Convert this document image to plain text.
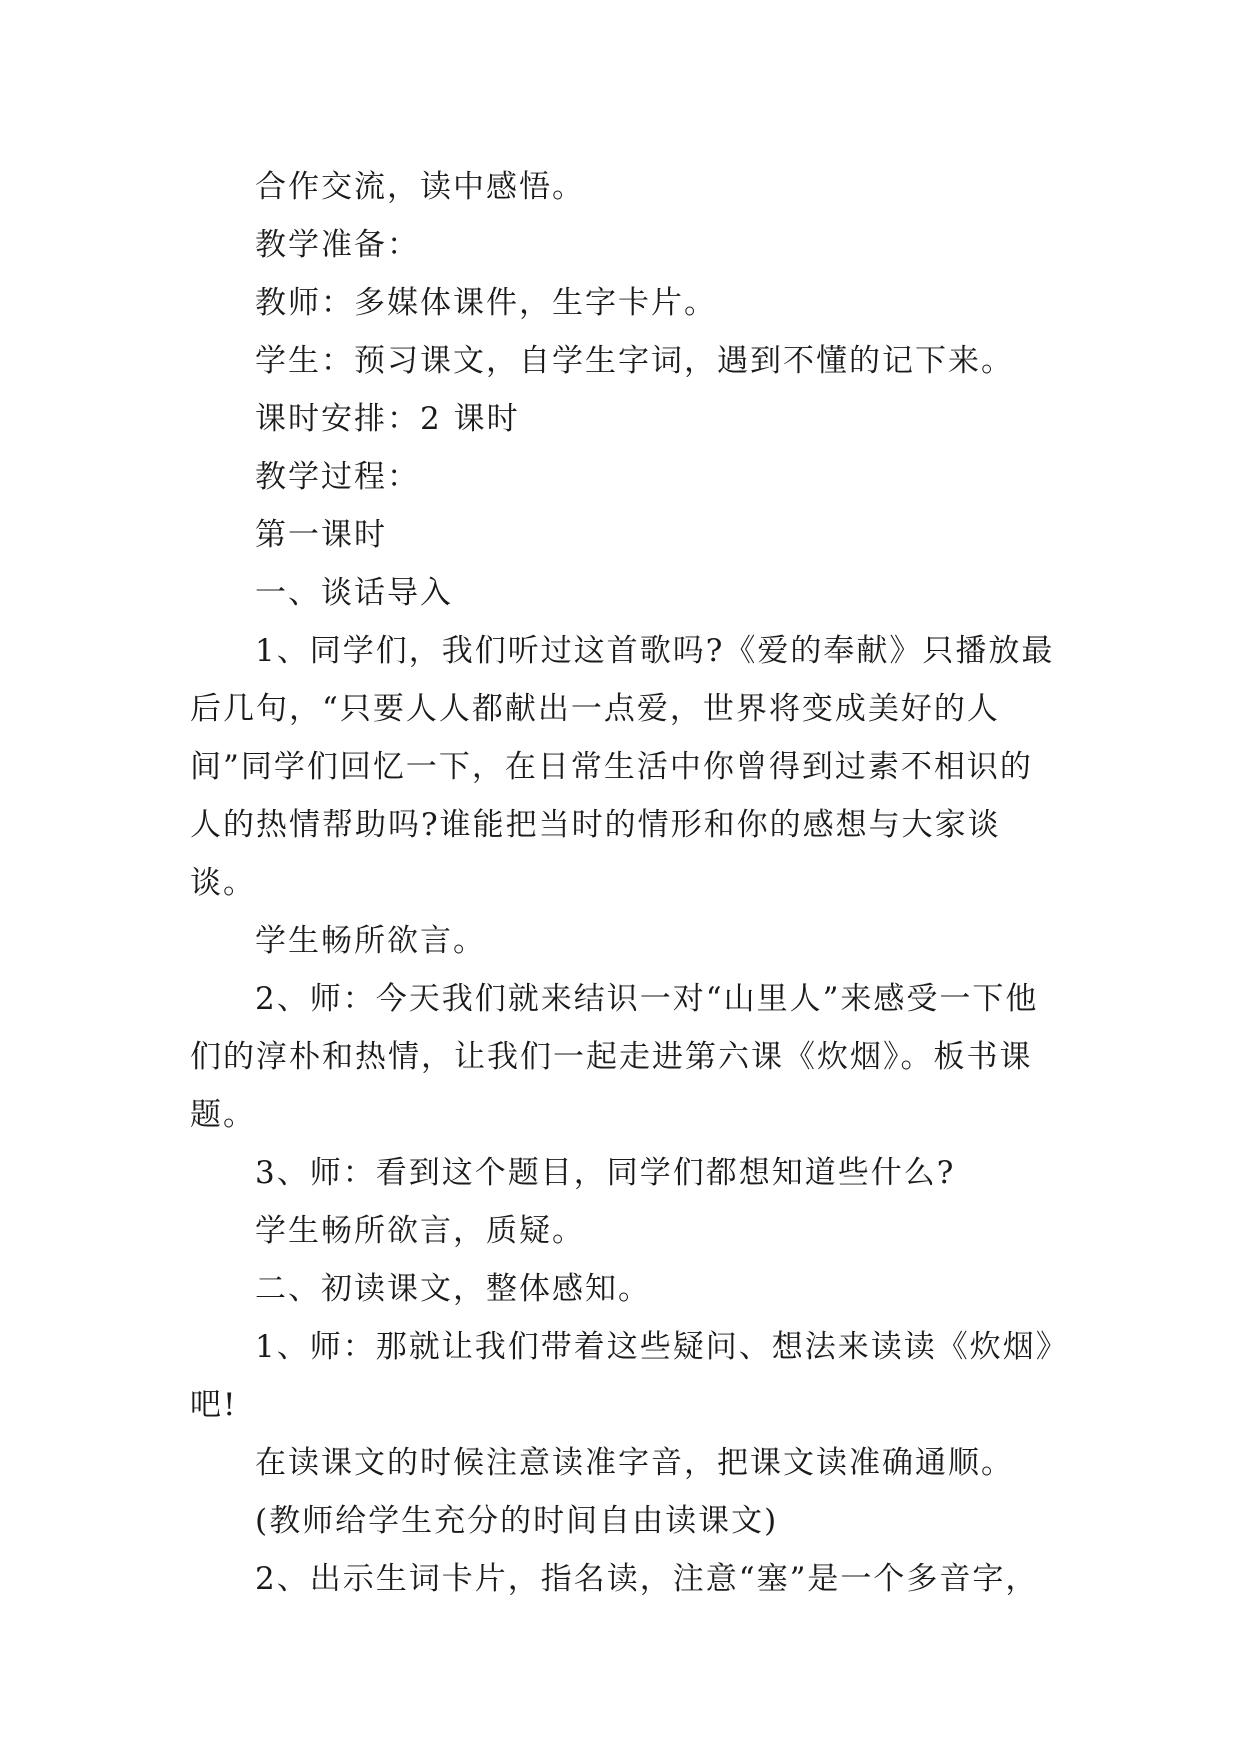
合作交流，读中感悟。

教学准备：

教师：多媒体课件，生字卡片。

学生：预习课文，自学生字词，遇到不懂的记下来。

课时安排：2 课时

教学过程：

第一课时

一、谈话导入

1、同学们，我们听过这首歌吗?《爱的奉献》只播放最后几句，“只要人人都献出一点爱，世界将变成美好的人间”同学们回忆一下，在日常生活中你曾得到过素不相识的人的热情帮助吗?谁能把当时的情形和你的感想与大家谈谈。

学生畅所欲言。

2、师：今天我们就来结识一对“山里人”来感受一下他们的淳朴和热情，让我们一起走进第六课《炊烟》。板书课题。

3、师：看到这个题目，同学们都想知道些什么?

学生畅所欲言，质疑。

二、初读课文，整体感知。

1、师：那就让我们带着这些疑问、想法来读读《炊烟》吧!

在读课文的时候注意读准字音，把课文读准确通顺。

(教师给学生充分的时间自由读课文)

2、出示生词卡片，指名读，注意“塞”是一个多音字，
